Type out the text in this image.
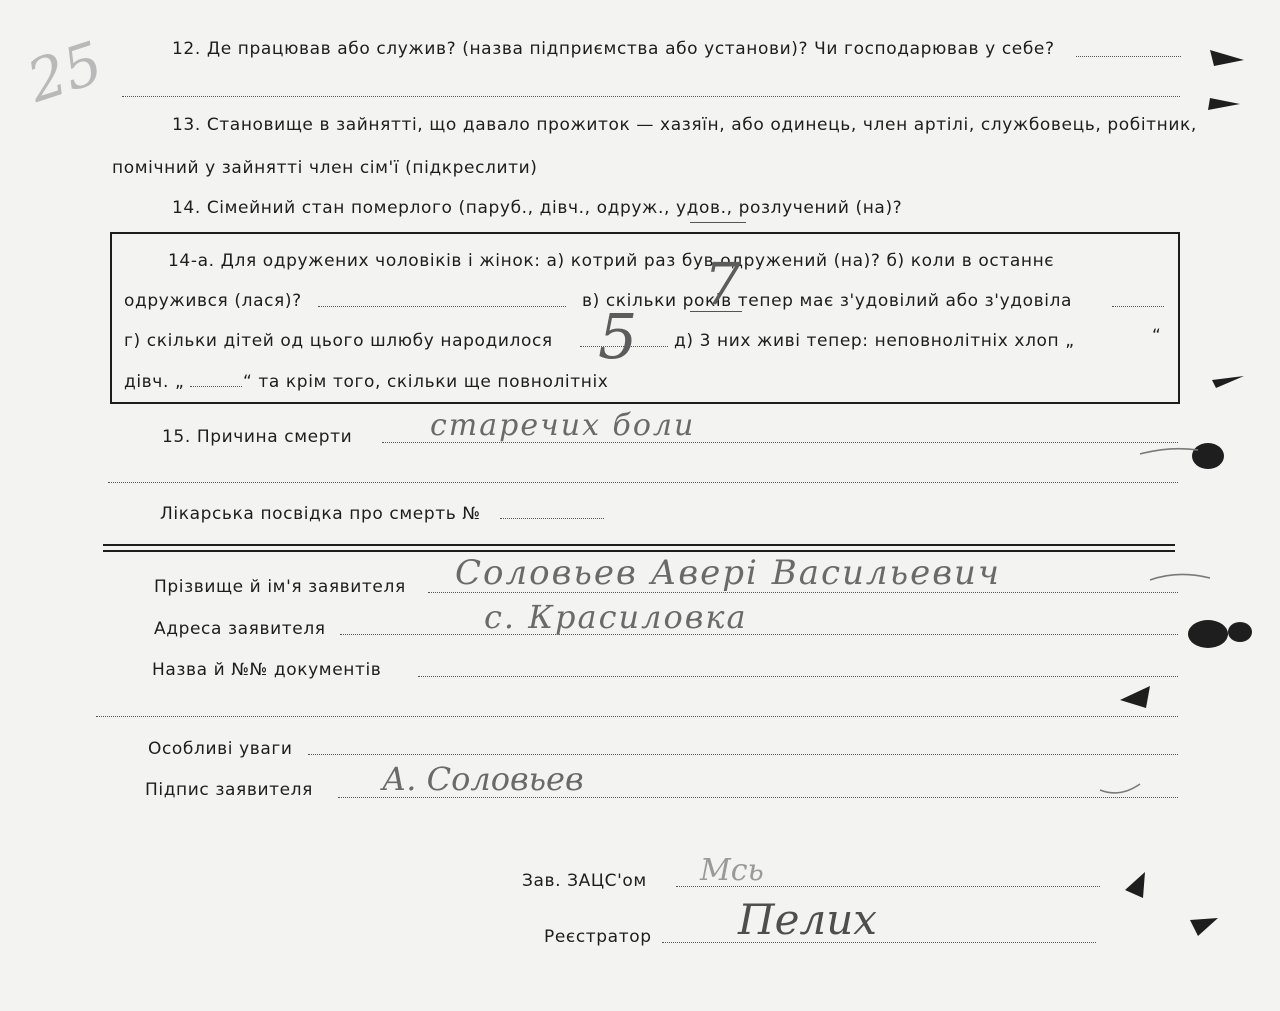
25	12. Де працював або служив? (назва підприємства або установи)? Чи господарював у себе?
13. Становище в зайнятті, що давало прожиток — хазяїн, або одинець, член артілі, службовець, робітник,
помічний у зайнятті член сім'ї (підкреслити)
14. Сімейний стан померлого (паруб., дівч., одруж., удов., розлучений (на)?
14-а. Для одружених чоловіків і жінок: а) котрий раз був одружений (на)? б) коли в останнє
одружився (лася)?	в) скільки років тепер має з'удовілий або з'удовіла
г) скільки дітей од цього шлюбу народилося	д) 3 них живі тепер: неповнолітніх хлоп „	“
дівч. „	“ та крім того, скільки ще повнолітніх
7
5
15. Причина смерти	старечих боли
Лікарська посвідка про смерть №
Прізвище й ім'я заявителя Соловьев Авері Васильевич
Адреса заявителя	с. Красиловка
Назва й №№ документів
Особливі уваги
Підпис заявителя А. Соловьев
Зав. ЗАЦС'ом Мсь
Реєстратор Пелих
